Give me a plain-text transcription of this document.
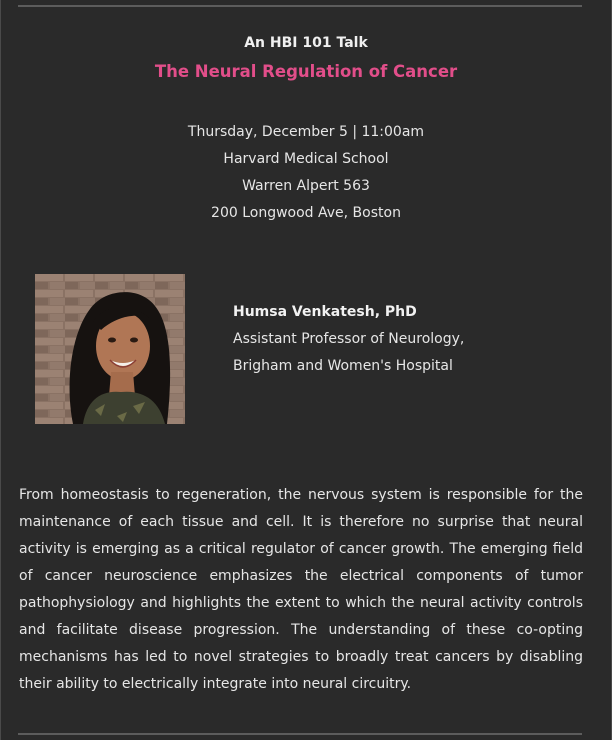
An HBI 101 Talk
The Neural Regulation of Cancer
Thursday, December 5 | 11:00am
Harvard Medical School
Warren Alpert 563
200 Longwood Ave, Boston
Humsa Venkatesh, PhD
Assistant Professor of Neurology,
Brigham and Women's Hospital
From homeostasis to regeneration, the nervous system is responsible for the maintenance of each tissue and cell. It is therefore no surprise that neural activity is emerging as a critical regulator of cancer growth. The emerging field of cancer neuroscience emphasizes the electrical components of tumor pathophysiology and highlights the extent to which the neural activity controls and facilitate disease progression. The understanding of these co-opting mechanisms has led to novel strategies to broadly treat cancers by disabling their ability to electrically integrate into neural circuitry.
